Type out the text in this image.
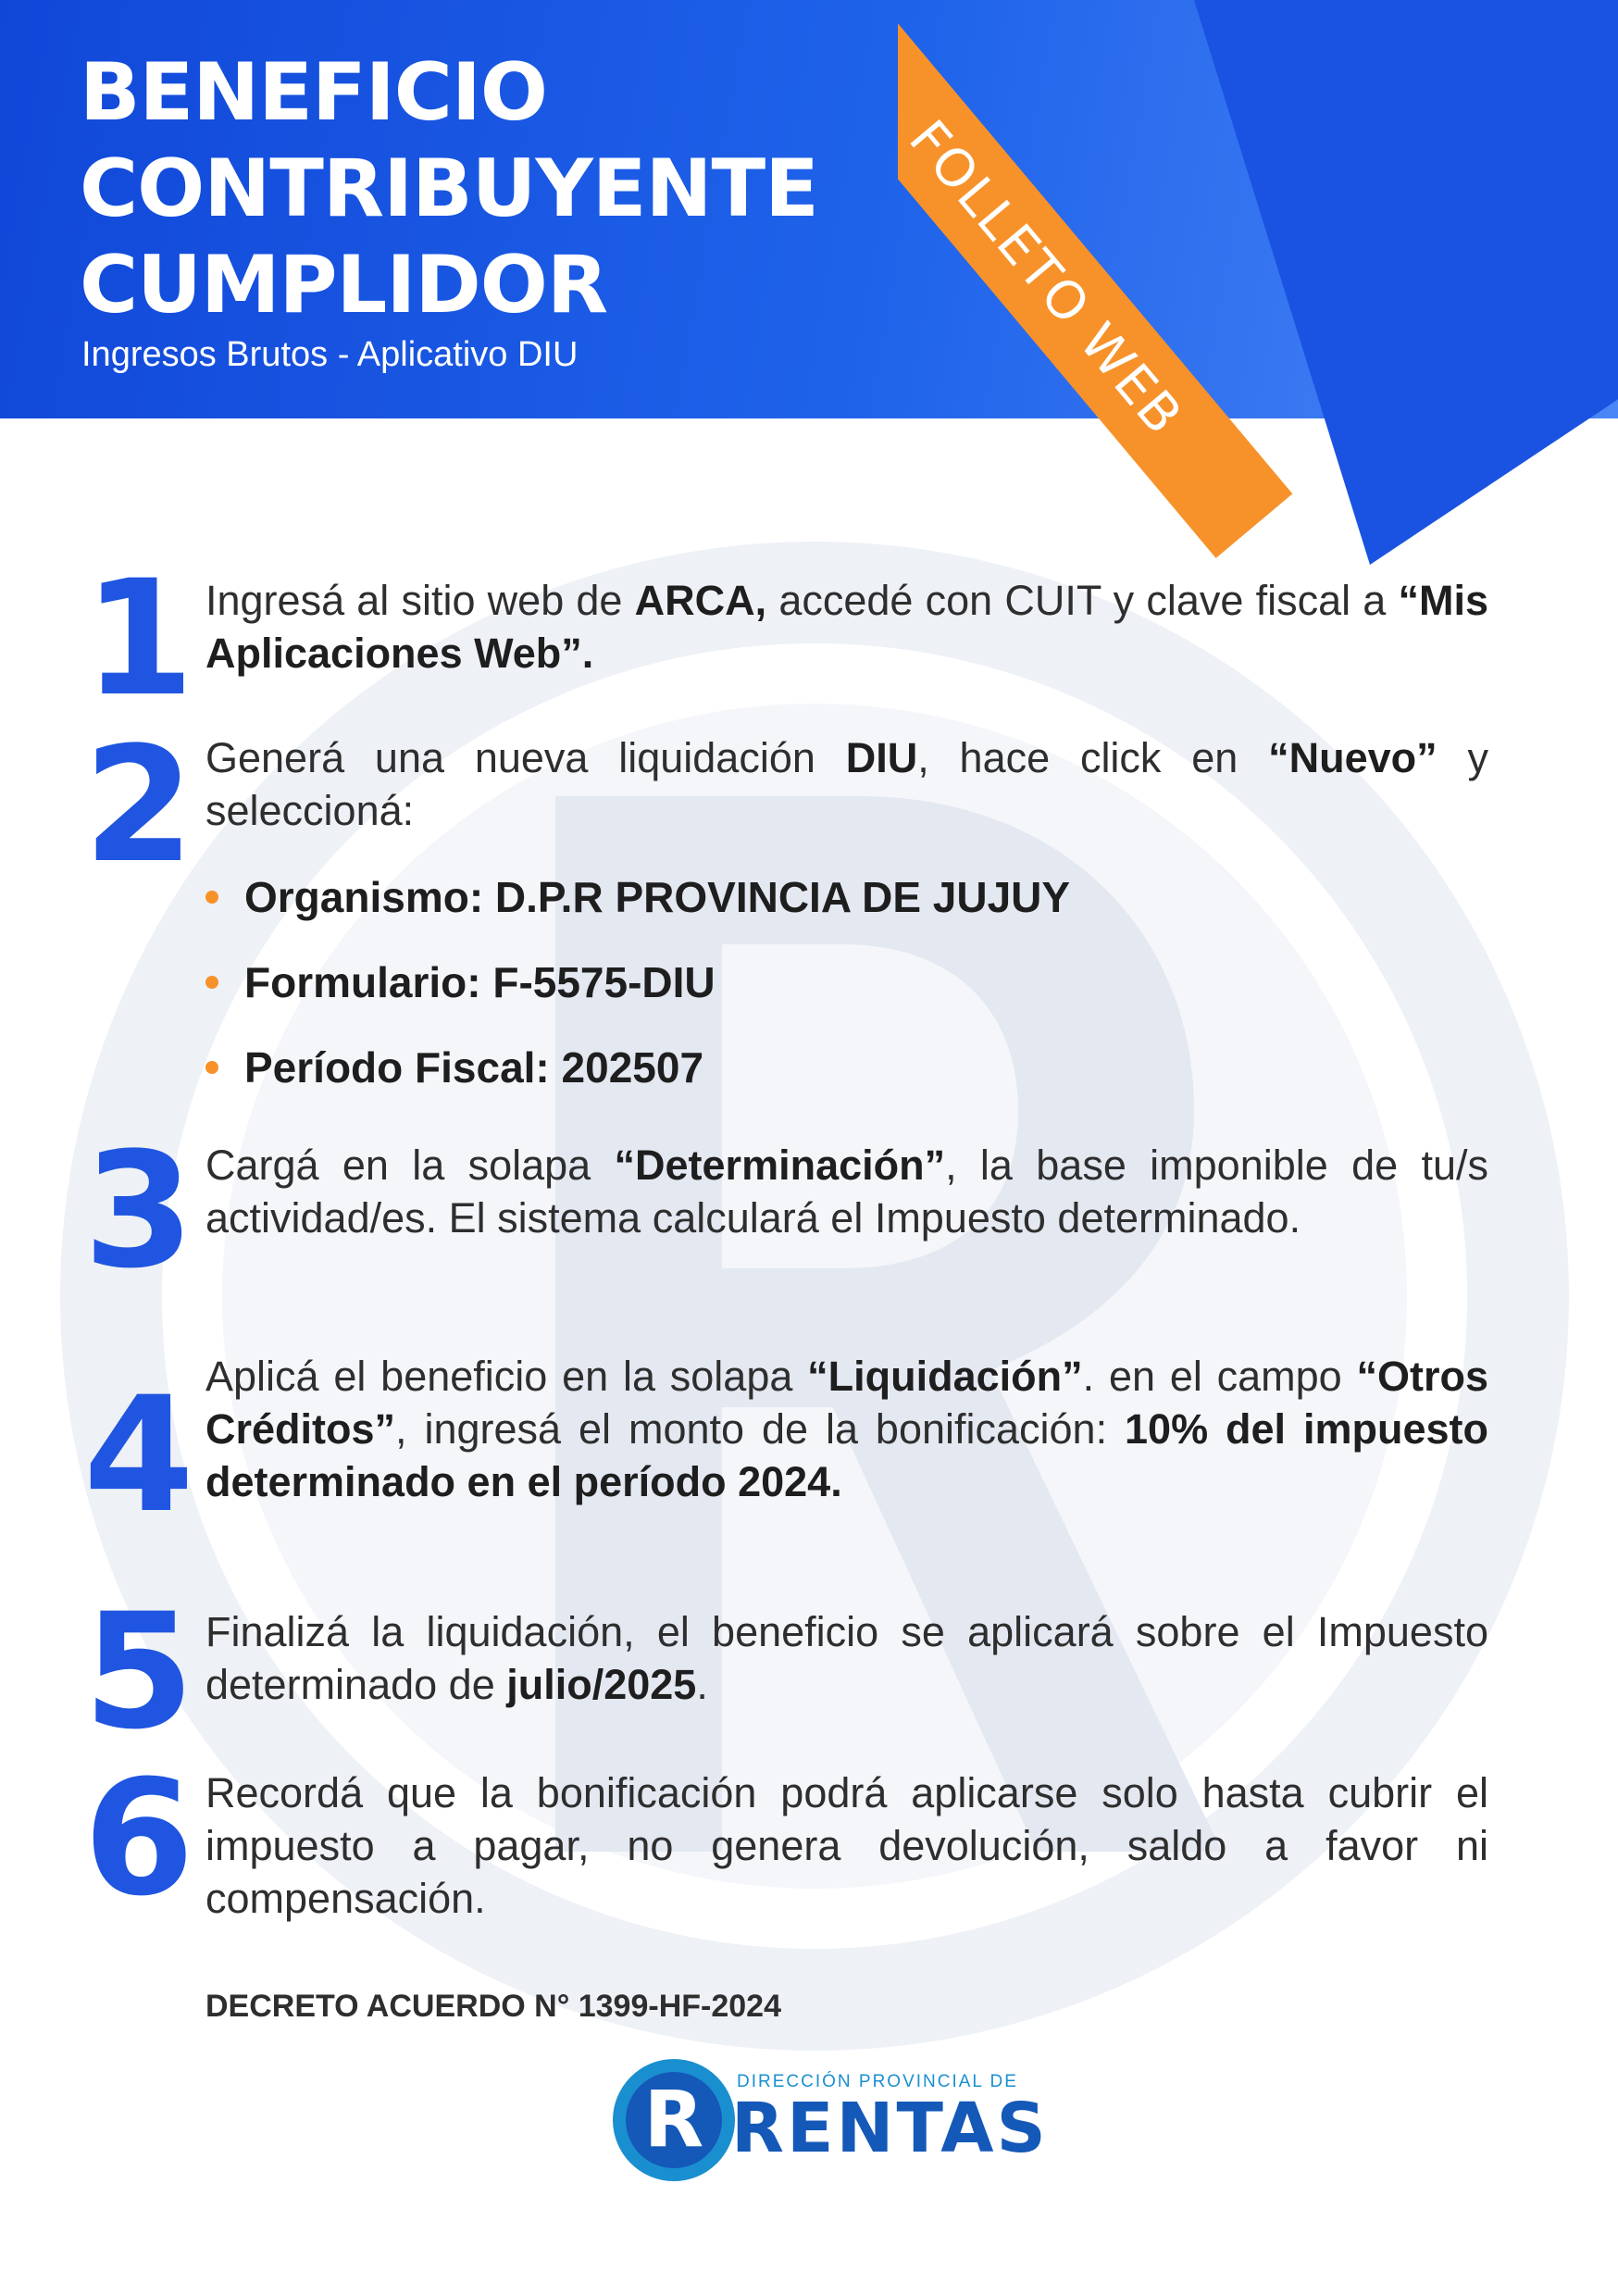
BENEFICIO
CONTRIBUYENTE
CUMPLIDOR
Ingresos Brutos - Aplicativo DIU	FOLLETO WEB
1 Ingresá al sitio web de ARCA, accedé con CUIT y clave fiscal a “Mis Aplicaciones Web”.
2 Generá una nueva liquidación DIU, hace click en “Nuevo” y seleccioná:
Organismo: D.P.R PROVINCIA DE JUJUY
Formulario: F-5575-DIU
Período Fiscal: 202507
3 Cargá en la solapa “Determinación”, la base imponible de tu/s actividad/es. El sistema calculará el Impuesto determinado.
4 Aplicá el beneficio en la solapa “Liquidación”. en el campo “Otros Créditos”, ingresá el monto de la bonificación: 10% del impuesto determinado en el período 2024.
5 Finalizá la liquidación, el beneficio se aplicará sobre el Impuesto determinado de julio/2025.
6 Recordá que la bonificación podrá aplicarse solo hasta cubrir el impuesto a pagar, no genera devolución, saldo a favor ni compensación.
DECRETO ACUERDO N° 1399-HF-2024
R DIRECCIÓN PROVINCIAL DE
RENTAS
